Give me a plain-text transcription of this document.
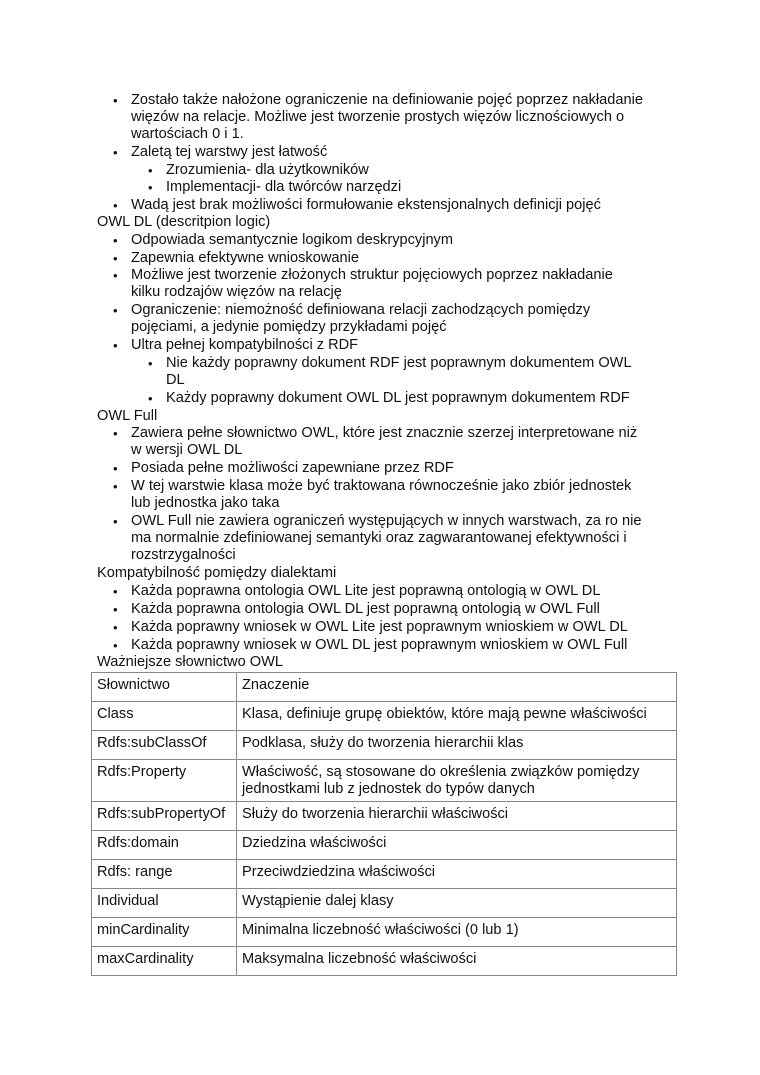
• Zostało także nałożone ograniczenie na definiowanie pojęć poprzez nakładanie
więzów na relacje. Możliwe jest tworzenie prostych więzów licznościowych o
wartościach 0 i 1.
• Zaletą tej warstwy jest łatwość
• Zrozumienia- dla użytkowników
• Implementacji- dla twórców narzędzi
• Wadą jest brak możliwości formułowanie ekstensjonalnych definicji pojęć
OWL DL (descritpion logic)
• Odpowiada semantycznie logikom deskrypcyjnym
• Zapewnia efektywne wnioskowanie
• Możliwe jest tworzenie złożonych struktur pojęciowych poprzez nakładanie
kilku rodzajów więzów na relację
• Ograniczenie: niemożność definiowana relacji zachodzących pomiędzy
pojęciami, a jedynie pomiędzy przykładami pojęć
• Ultra pełnej kompatybilności z RDF
• Nie każdy poprawny dokument RDF jest poprawnym dokumentem OWL
DL
• Każdy poprawny dokument OWL DL jest poprawnym dokumentem RDF
OWL Full
• Zawiera pełne słownictwo OWL, które jest znacznie szerzej interpretowane niż
w wersji OWL DL
• Posiada pełne możliwości zapewniane przez RDF
• W tej warstwie klasa może być traktowana równocześnie jako zbiór jednostek
lub jednostka jako taka
• OWL Full nie zawiera ograniczeń występujących w innych warstwach, za ro nie
ma normalnie zdefiniowanej semantyki oraz zagwarantowanej efektywności i
rozstrzygalności
Kompatybilność pomiędzy dialektami
• Każda poprawna ontologia OWL Lite jest poprawną ontologią w OWL DL
• Każda poprawna ontologia OWL DL jest poprawną ontologią w OWL Full
• Każda poprawny wniosek w OWL Lite jest poprawnym wnioskiem w OWL DL
• Każda poprawny wniosek w OWL DL jest poprawnym wnioskiem w OWL Full
Ważniejsze słownictwo OWL
Słownictwo	Znaczenie
Class	Klasa, definiuje grupę obiektów, które mają pewne właściwości
Rdfs:subClassOf	Podklasa, służy do tworzenia hierarchii klas
Rdfs:Property	Właściwość, są stosowane do określenia związków pomiędzy jednostkami lub z jednostek do typów danych
Rdfs:subPropertyOf	Służy do tworzenia hierarchii właściwości
Rdfs:domain	Dziedzina właściwości
Rdfs: range	Przeciwdziedzina właściwości
Individual	Wystąpienie dalej klasy
minCardinality	Minimalna liczebność właściwości (0 lub 1)
maxCardinality	Maksymalna liczebność właściwości
